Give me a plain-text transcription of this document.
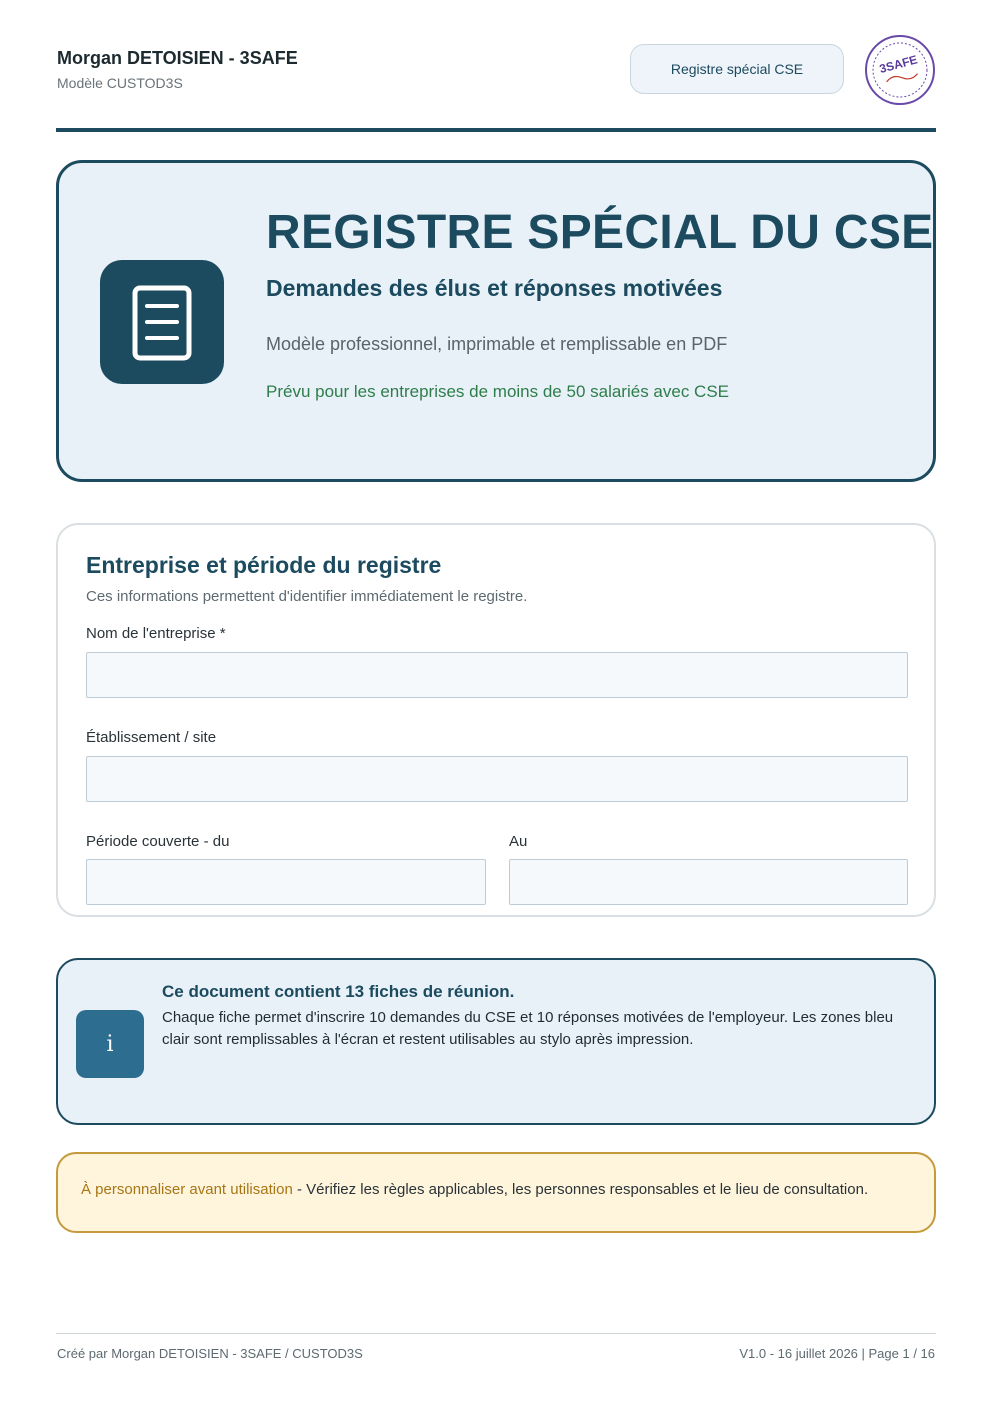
Morgan DETOISIEN - 3SAFE
Modèle CUSTOD3S
Registre spécial CSE	3SAFE
REGISTRE SPÉCIAL DU CSE
Demandes des élus et réponses motivées
Modèle professionnel, imprimable et remplissable en PDF
Prévu pour les entreprises de moins de 50 salariés avec CSE
Entreprise et période du registre
Ces informations permettent d'identifier immédiatement le registre.
Nom de l'entreprise *
Établissement / site
Période couverte - du	Au
i
Ce document contient 13 fiches de réunion.
Chaque fiche permet d'inscrire 10 demandes du CSE et 10 réponses motivées de l'employeur. Les zones bleu clair sont remplissables à l'écran et restent utilisables au stylo après impression.
À personnaliser avant utilisation - Vérifiez les règles applicables, les personnes responsables et le lieu de consultation.
Créé par Morgan DETOISIEN - 3SAFE / CUSTOD3S	V1.0 - 16 juillet 2026 | Page 1 / 16
